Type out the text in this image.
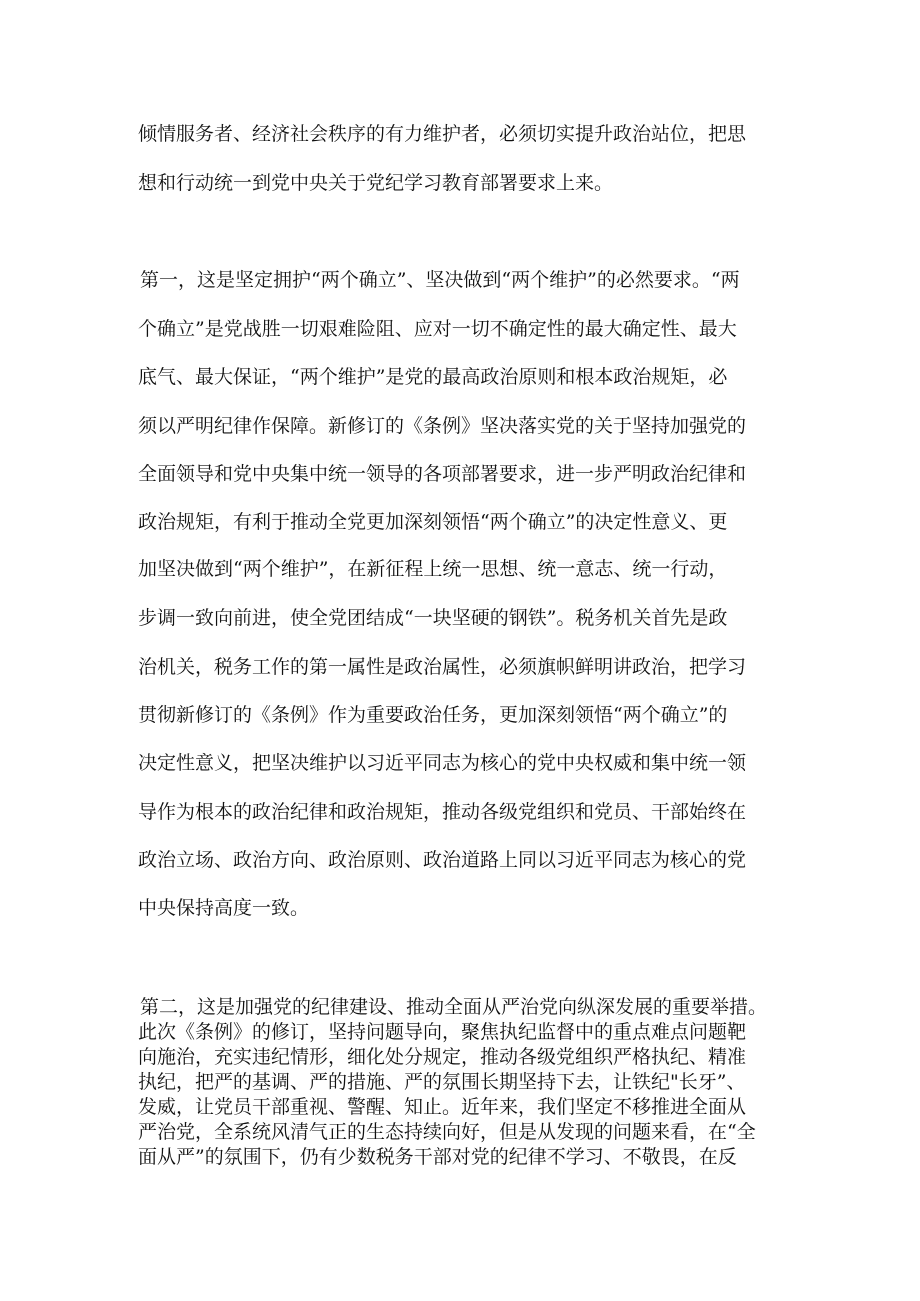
倾情服务者、经济社会秩序的有力维护者，必须切实提升政治站位，把思
想和行动统一到党中央关于党纪学习教育部署要求上来。
第一，这是坚定拥护“两个确立”、坚决做到“两个维护”的必然要求。“两
个确立”是党战胜一切艰难险阻、应对一切不确定性的最大确定性、最大
底气、最大保证，“两个维护”是党的最高政治原则和根本政治规矩，必
须以严明纪律作保障。新修订的《条例》坚决落实党的关于坚持加强党的
全面领导和党中央集中统一领导的各项部署要求，进一步严明政治纪律和
政治规矩，有利于推动全党更加深刻领悟“两个确立”的决定性意义、更
加坚决做到“两个维护”，在新征程上统一思想、统一意志、统一行动，
步调一致向前进，使全党团结成“一块坚硬的钢铁”。税务机关首先是政
治机关，税务工作的第一属性是政治属性，必须旗帜鲜明讲政治，把学习
贯彻新修订的《条例》作为重要政治任务，更加深刻领悟“两个确立”的
决定性意义，把坚决维护以习近平同志为核心的党中央权威和集中统一领
导作为根本的政治纪律和政治规矩，推动各级党组织和党员、干部始终在
政治立场、政治方向、政治原则、政治道路上同以习近平同志为核心的党
中央保持高度一致。
第二，这是加强党的纪律建设、推动全面从严治党向纵深发展的重要举措。
此次《条例》的修订，坚持问题导向，聚焦执纪监督中的重点难点问题靶
向施治，充实违纪情形，细化处分规定，推动各级党组织严格执纪、精准
执纪，把严的基调、严的措施、严的氛围长期坚持下去，让铁纪"长牙”、
发威，让党员干部重视、警醒、知止。近年来，我们坚定不移推进全面从
严治党，全系统风清气正的生态持续向好，但是从发现的问题来看，在“全
面从严”的氛围下，仍有少数税务干部对党的纪律不学习、不敬畏，在反
